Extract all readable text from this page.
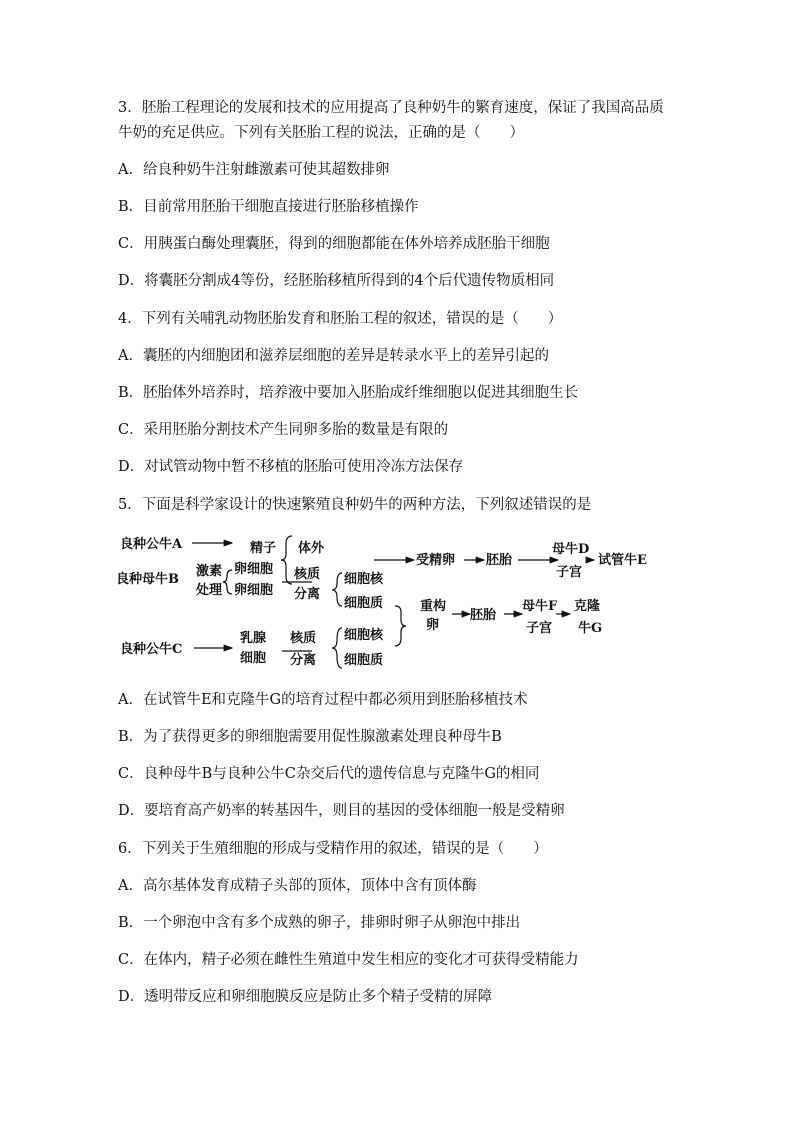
3．胚胎工程理论的发展和技术的应用提高了良种奶牛的繁育速度，保证了我国高品质
牛奶的充足供应。下列有关胚胎工程的说法，正确的是（　　）
A．给良种奶牛注射雌激素可使其超数排卵
B．目前常用胚胎干细胞直接进行胚胎移植操作
C．用胰蛋白酶处理囊胚，得到的细胞都能在体外培养成胚胎干细胞
D．将囊胚分割成4等份，经胚胎移植所得到的4个后代遗传物质相同
4．下列有关哺乳动物胚胎发育和胚胎工程的叙述，错误的是（　　）
A．囊胚的内细胞团和滋养层细胞的差异是转录水平上的差异引起的
B．胚胎体外培养时，培养液中要加入胚胎成纤维细胞以促进其细胞生长
C．采用胚胎分割技术产生同卵多胎的数量是有限的
D．对试管动物中暂不移植的胚胎可使用冷冻方法保存
5．下面是科学家设计的快速繁殖良种奶牛的两种方法，下列叙述错误的是
良种公牛A
良种母牛B
良种公牛C
激素
处理
精子
卵细胞
卵细胞
体外
受精卵 胚胎
母牛D
子宫
试管牛E
核质
分离
细胞核
细胞质	重构
卵
胚胎
母牛F
子宫
克隆
牛G
乳腺
细胞
核质
分离
细胞核
细胞质
A．在试管牛E和克隆牛G的培育过程中都必须用到胚胎移植技术
B．为了获得更多的卵细胞需要用促性腺激素处理良种母牛B
C．良种母牛B与良种公牛C杂交后代的遗传信息与克隆牛G的相同
D．要培育高产奶率的转基因牛，则目的基因的受体细胞一般是受精卵
6．下列关于生殖细胞的形成与受精作用的叙述，错误的是（　　）
A．高尔基体发育成精子头部的顶体，顶体中含有顶体酶
B．一个卵泡中含有多个成熟的卵子，排卵时卵子从卵泡中排出
C．在体内，精子必须在雌性生殖道中发生相应的变化才可获得受精能力
D．透明带反应和卵细胞膜反应是防止多个精子受精的屏障
